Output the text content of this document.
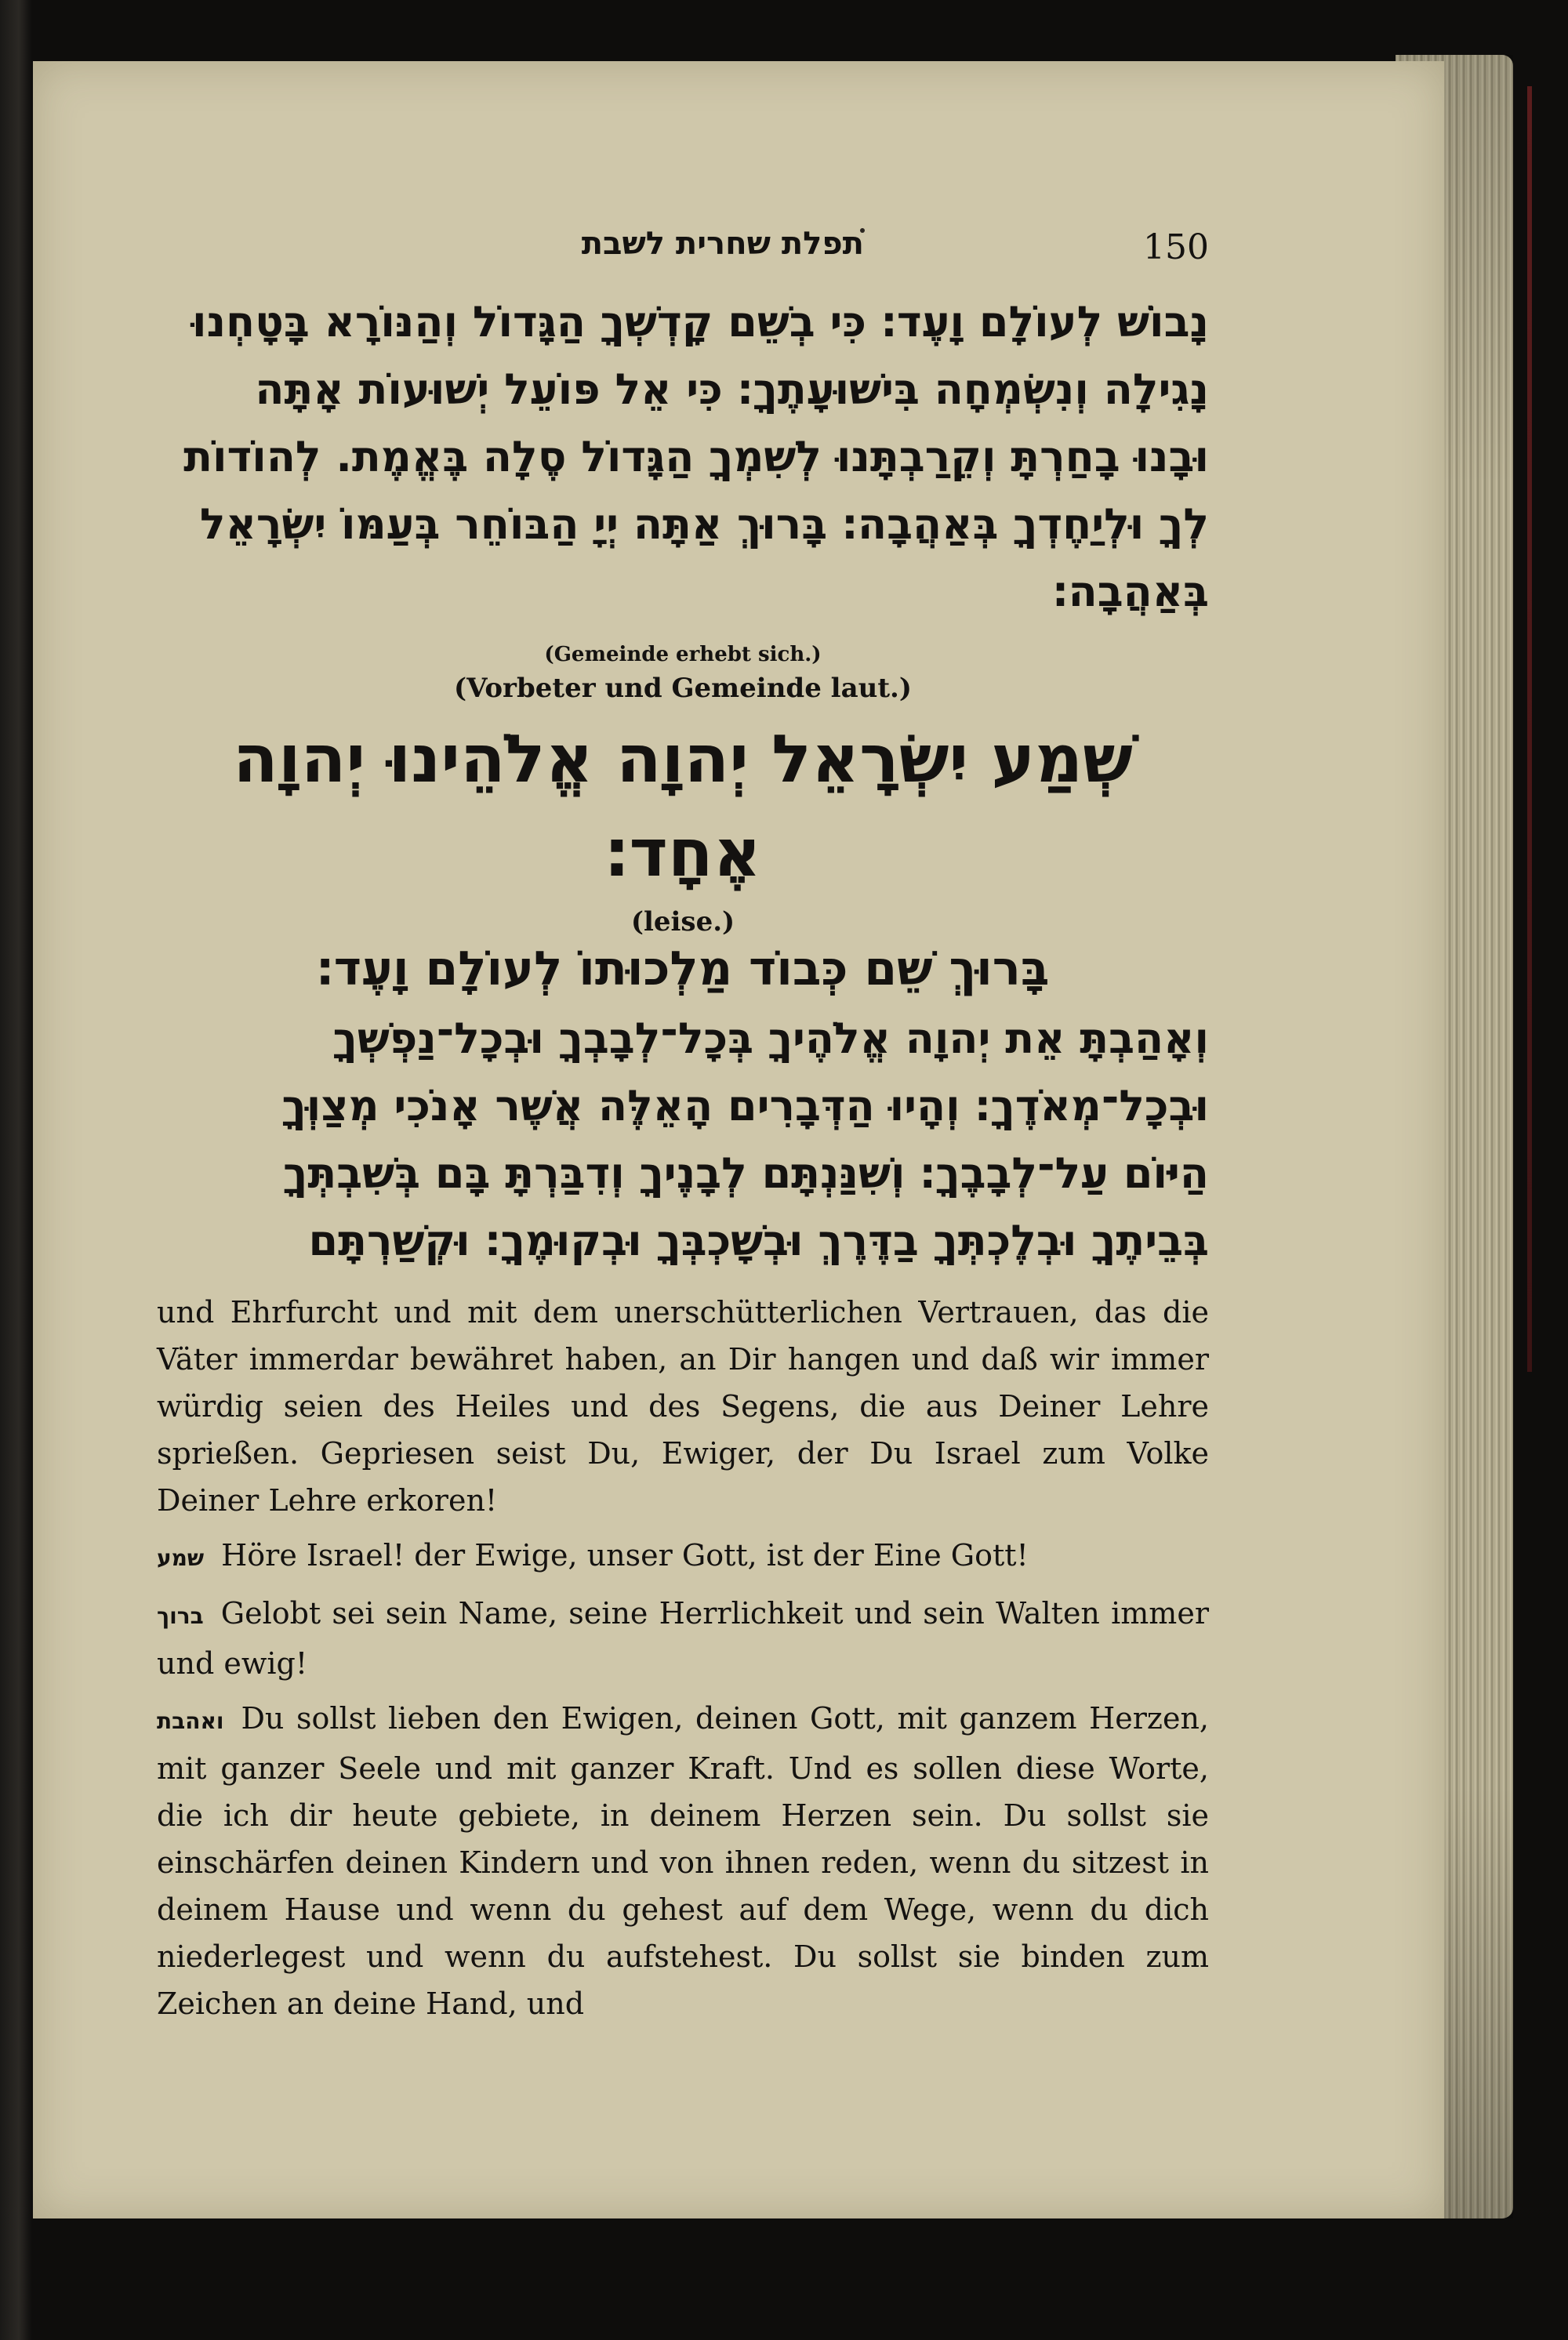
תפלת שחרית לשבת	150

נָבוֹשׁ לְעוֹלָם וָעֶד׃ כִּי בְשֵׁם קָדְשְׁךָ הַגָּדוֹל וְהַנּוֹרָא בָּטָחְנוּ

נָגִילָה וְנִשְׂמְחָה בִּישׁוּעָתֶךָ׃ כִּי אֵל פּוֹעֵל יְשׁוּעוֹת אָתָּה

וּבָנוּ בָחַרְתָּ וְקֵרַבְתָּנוּ לְשִׁמְךָ הַגָּדוֹל סֶלָה בֶּאֱמֶת. לְהוֹדוֹת

לְךָ וּלְיַחֶדְךָ בְּאַהֲבָה׃ בָּרוּךְ אַתָּה יְיָ הַבּוֹחֵר בְּעַמּוֹ יִשְׂרָאֵל

בְּאַהֲבָה׃

(Gemeinde erhebt sich.)

(Vorbeter und Gemeinde laut.)

שְׁמַע יִשְׂרָאֵל יְהוָה אֱלֹהֵינוּ יְהוָה אֶחָד׃

(leise.)

בָּרוּךְ שֵׁם כְּבוֹד מַלְכוּתוֹ לְעוֹלָם וָעֶד׃

וְאָהַבְתָּ אֵת יְהוָה אֱלֹהֶיךָ בְּכָל־לְבָבְךָ וּבְכָל־נַפְשְׁךָ

וּבְכָל־מְאֹדֶךָ׃ וְהָיוּ הַדְּבָרִים הָאֵלֶּה אֲשֶׁר אָנֹכִי מְצַוְּךָ

הַיּוֹם עַל־לְבָבֶךָ׃ וְשִׁנַּנְתָּם לְבָנֶיךָ וְדִבַּרְתָּ בָּם בְּשִׁבְתְּךָ

בְּבֵיתֶךָ וּבְלֶכְתְּךָ בַדֶּרֶךְ וּבְשָׁכְבְּךָ וּבְקוּמֶךָ׃ וּקְשַׁרְתָּם

und Ehrfurcht und mit dem unerschütterlichen Vertrauen, das die Väter immerdar bewähret haben, an Dir hangen und daß wir immer würdig seien des Heiles und des Segens, die aus Deiner Lehre sprießen. Gepriesen seist Du, Ewiger, der Du Israel zum Volke Deiner Lehre erkoren!

שמע Höre Israel! der Ewige, unser Gott, ist der Eine Gott!

ברוך Gelobt sei sein Name, seine Herrlichkeit und sein Walten immer und ewig!

ואהבת Du sollst lieben den Ewigen, deinen Gott, mit ganzem Herzen, mit ganzer Seele und mit ganzer Kraft. Und es sollen diese Worte, die ich dir heute gebiete, in deinem Herzen sein. Du sollst sie einschärfen deinen Kindern und von ihnen reden, wenn du sitzest in deinem Hause und wenn du gehest auf dem Wege, wenn du dich niederlegest und wenn du aufstehest. Du sollst sie binden zum Zeichen an deine Hand, und
